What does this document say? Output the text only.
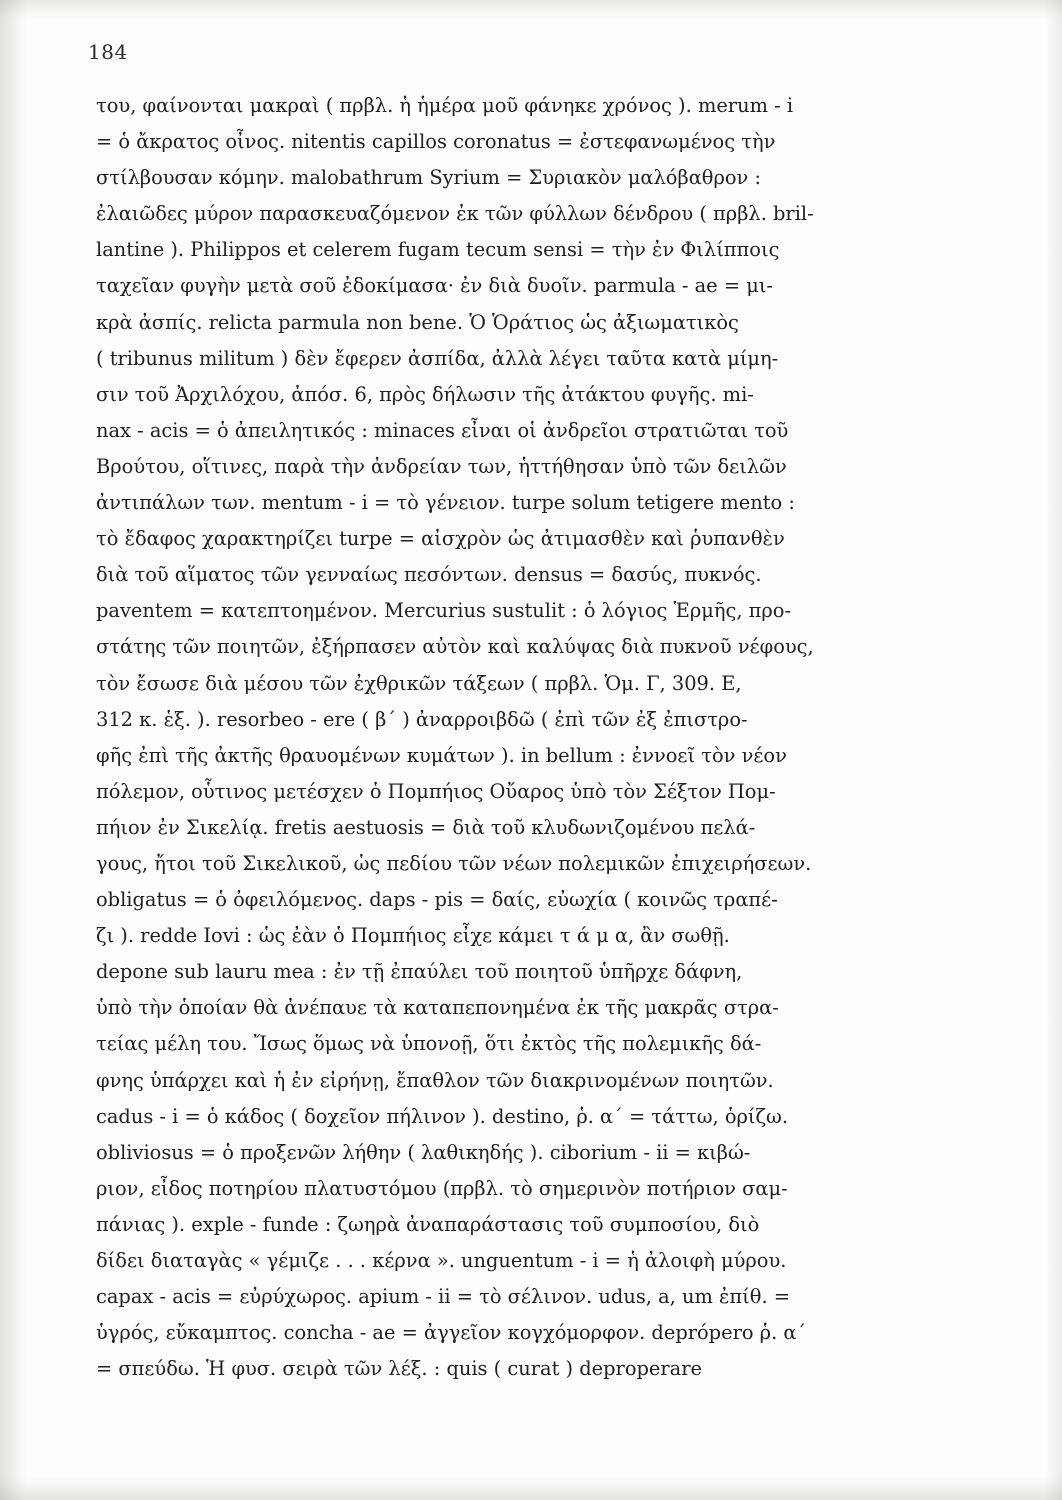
184

του, φαίνονται μακραὶ ( πρβλ. ἡ ἡμέρα μοῦ φάνηκε χρόνος ). merum - i
= ὁ ἄκρατος οἶνος. nitentis capillos coronatus = ἐστεφανωμένος τὴν
στίλβουσαν κόμην. malobathrum Syrium = Συριακὸν μαλόβαθρον :
ἐλαιῶδες μύρον παρασκευαζόμενον ἐκ τῶν φύλλων δένδρου ( πρβλ. bril-
lantine ). Philippos et celerem fugam tecum sensi = τὴν ἐν Φιλίπποις
ταχεῖαν φυγὴν μετὰ σοῦ ἐδοκίμασα· ἐν διὰ δυοῖν. parmula - ae = μι-
κρὰ ἀσπίς. relicta parmula non bene. Ὁ Ὁράτιος ὡς ἀξιωματικὸς
( tribunus militum ) δὲν ἔφερεν ἀσπίδα, ἀλλὰ λέγει ταῦτα κατὰ μίμη-
σιν τοῦ Ἀρχιλόχου, ἀπόσ. 6, πρὸς δήλωσιν τῆς ἀτάκτου φυγῆς. mi-
nax - acis = ὁ ἀπειλητικός : minaces εἶναι οἱ ἀνδρεῖοι στρατιῶται τοῦ
Βρούτου, οἵτινες, παρὰ τὴν ἀνδρείαν των, ἡττήθησαν ὑπὸ τῶν δειλῶν
ἀντιπάλων των. mentum - i = τὸ γένειον. turpe solum tetigere mento :
τὸ ἔδαφος χαρακτηρίζει turpe = αἰσχρὸν ὡς ἀτιμασθὲν καὶ ῥυπανθὲν
διὰ τοῦ αἵματος τῶν γενναίως πεσόντων. densus = δασύς, πυκνός.
paventem = κατεπτοημένον. Mercurius sustulit : ὁ λόγιος Ἑρμῆς, προ-
στάτης τῶν ποιητῶν, ἐξήρπασεν αὐτὸν καὶ καλύψας διὰ πυκνοῦ νέφους,
τὸν ἔσωσε διὰ μέσου τῶν ἐχθρικῶν τάξεων ( πρβλ. Ὁμ. Γ, 309. Ε,
312 κ. ἑξ. ). resorbeo - ere ( β΄ ) ἀναρροιβδῶ ( ἐπὶ τῶν ἐξ ἐπιστρο-
φῆς ἐπὶ τῆς ἀκτῆς θραυομένων κυμάτων ). in bellum : ἐννοεῖ τὸν νέον
πόλεμον, οὗτινος μετέσχεν ὁ Πομπήιος Οὔαρος ὑπὸ τὸν Σέξτον Πομ-
πήιον ἐν Σικελίᾳ. fretis aestuosis = διὰ τοῦ κλυδωνιζομένου πελά-
γους, ἤτοι τοῦ Σικελικοῦ, ὡς πεδίου τῶν νέων πολεμικῶν ἐπιχειρήσεων.
obligatus = ὁ ὀφειλόμενος. daps - pis = δαίς, εὐωχία ( κοινῶς τραπέ-
ζι ). redde Iovi : ὡς ἐὰν ὁ Πομπήιος εἶχε κάμει τ ά μ α, ἂν σωθῇ.
depone sub lauru mea : ἐν τῇ ἐπαύλει τοῦ ποιητοῦ ὑπῆρχε δάφνη,
ὑπὸ τὴν ὁποίαν θὰ ἀνέπαυε τὰ καταπεπονημένα ἐκ τῆς μακρᾶς στρα-
τείας μέλη του. Ἴσως ὅμως νὰ ὑπονοῇ, ὅτι ἐκτὸς τῆς πολεμικῆς δά-
φνης ὑπάρχει καὶ ἡ ἐν εἰρήνῃ, ἔπαθλον τῶν διακρινομένων ποιητῶν.
cadus - i = ὁ κάδος ( δοχεῖον πήλινον ). destino, ῥ. α΄ = τάττω, ὁρίζω.
obliviosus = ὁ προξενῶν λήθην ( λαθικηδής ). ciborium - ii = κιβώ-
ριον, εἶδος ποτηρίου πλατυστόμου (πρβλ. τὸ σημερινὸν ποτήριον σαμ-
πάνιας ). exple - funde : ζωηρὰ ἀναπαράστασις τοῦ συμποσίου, διὸ
δίδει διαταγὰς « γέμιζε . . . κέρνα ». unguentum - i = ἡ ἀλοιφὴ μύρου.
capax - acis = εὐρύχωρος. apium - ii = τὸ σέλινον. udus, a, um ἐπίθ. =
ὑγρός, εὔκαμπτος. concha - ae = ἀγγεῖον κογχόμορφον. deprópero ῥ. α΄
= σπεύδω. Ἡ φυσ. σειρὰ τῶν λέξ. : quis ( curat ) deproperare
